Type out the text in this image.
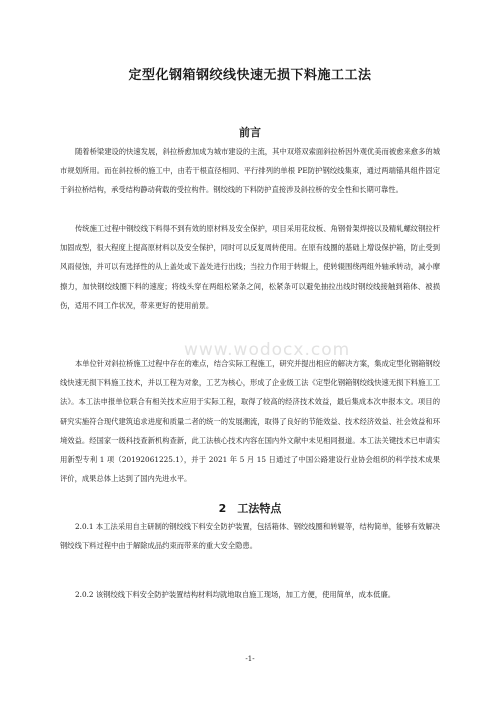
定型化钢箱钢绞线快速无损下料施工工法
前言

随着桥梁建设的快速发展，斜拉桥愈加成为城市建设的主流，其中双塔双索面斜拉桥因外观优美而被愈来愈多的城市规划所用。而在斜拉桥的施工中，由若干根直径相同、平行排列的单根 PE防护钢绞线集束，通过两端锚具组件固定于斜拉桥结构，承受结构静动荷载的受拉构件。钢绞线的下料防护直接涉及斜拉桥的安全性和长期可靠性。

传统施工过程中钢绞线下料得不到有效的原材料及安全保护，项目采用花纹板、角钢骨架焊接以及精轧螺纹钢拉杆加固成型，很大程度上提高原材料以及安全保护，同时可以反复周转使用。在原有线圈的基础上增设保护箱，防止受到风雨侵蚀，并可以有选择性的从上盖处或下盖处进行出线；当拉力作用于转辊上，使转辊围绕两组外轴承转动，减小摩擦力，加快钢绞线圈下料的速度；将线头穿在两组松紧条之间，松紧条可以避免抽拉出线时钢绞线接触到箱体、被损伤，适用不同工作状况，带来更好的使用前景。

本单位针对斜拉桥施工过程中存在的难点，结合实际工程施工，研究并提出相应的解决方案，集成定型化钢箱钢绞线快速无损下料施工技术，并以工程为对象，工艺为核心，形成了企业级工法《定型化钢箱钢绞线快速无损下料施工工法》。本工法申报单位联合有相关技术应用于实际工程，取得了较高的经济技术效益，最后集成本次申报本文。项目的研究实施符合现代建筑追求进度和质量二者的统一的发展潮流，取得了良好的节能效益、技术经济效益、社会效益和环境效益。经国家一级科技查新机构查新，此工法核心技术内容在国内外文献中未见相同报道。本工法关键技术已申请实用新型专利 1 项（20192061225.1），并于 2021 年 5 月 15 日通过了中国公路建设行业协会组织的科学技术成果评价，成果总体上达到了国内先进水平。

2　工法特点

2.0.1 本工法采用自主研制的钢绞线下料安全防护装置，包括箱体、钢绞线圈和转辊等，结构简单，能够有效解决钢绞线下料过程中由于解除成品约束而带来的重大安全隐患。

2.0.2 该钢绞线下料安全防护装置结构材料均就地取自施工现场，加工方便，使用简单，成本低廉。

www.wodocx.com
-1-
